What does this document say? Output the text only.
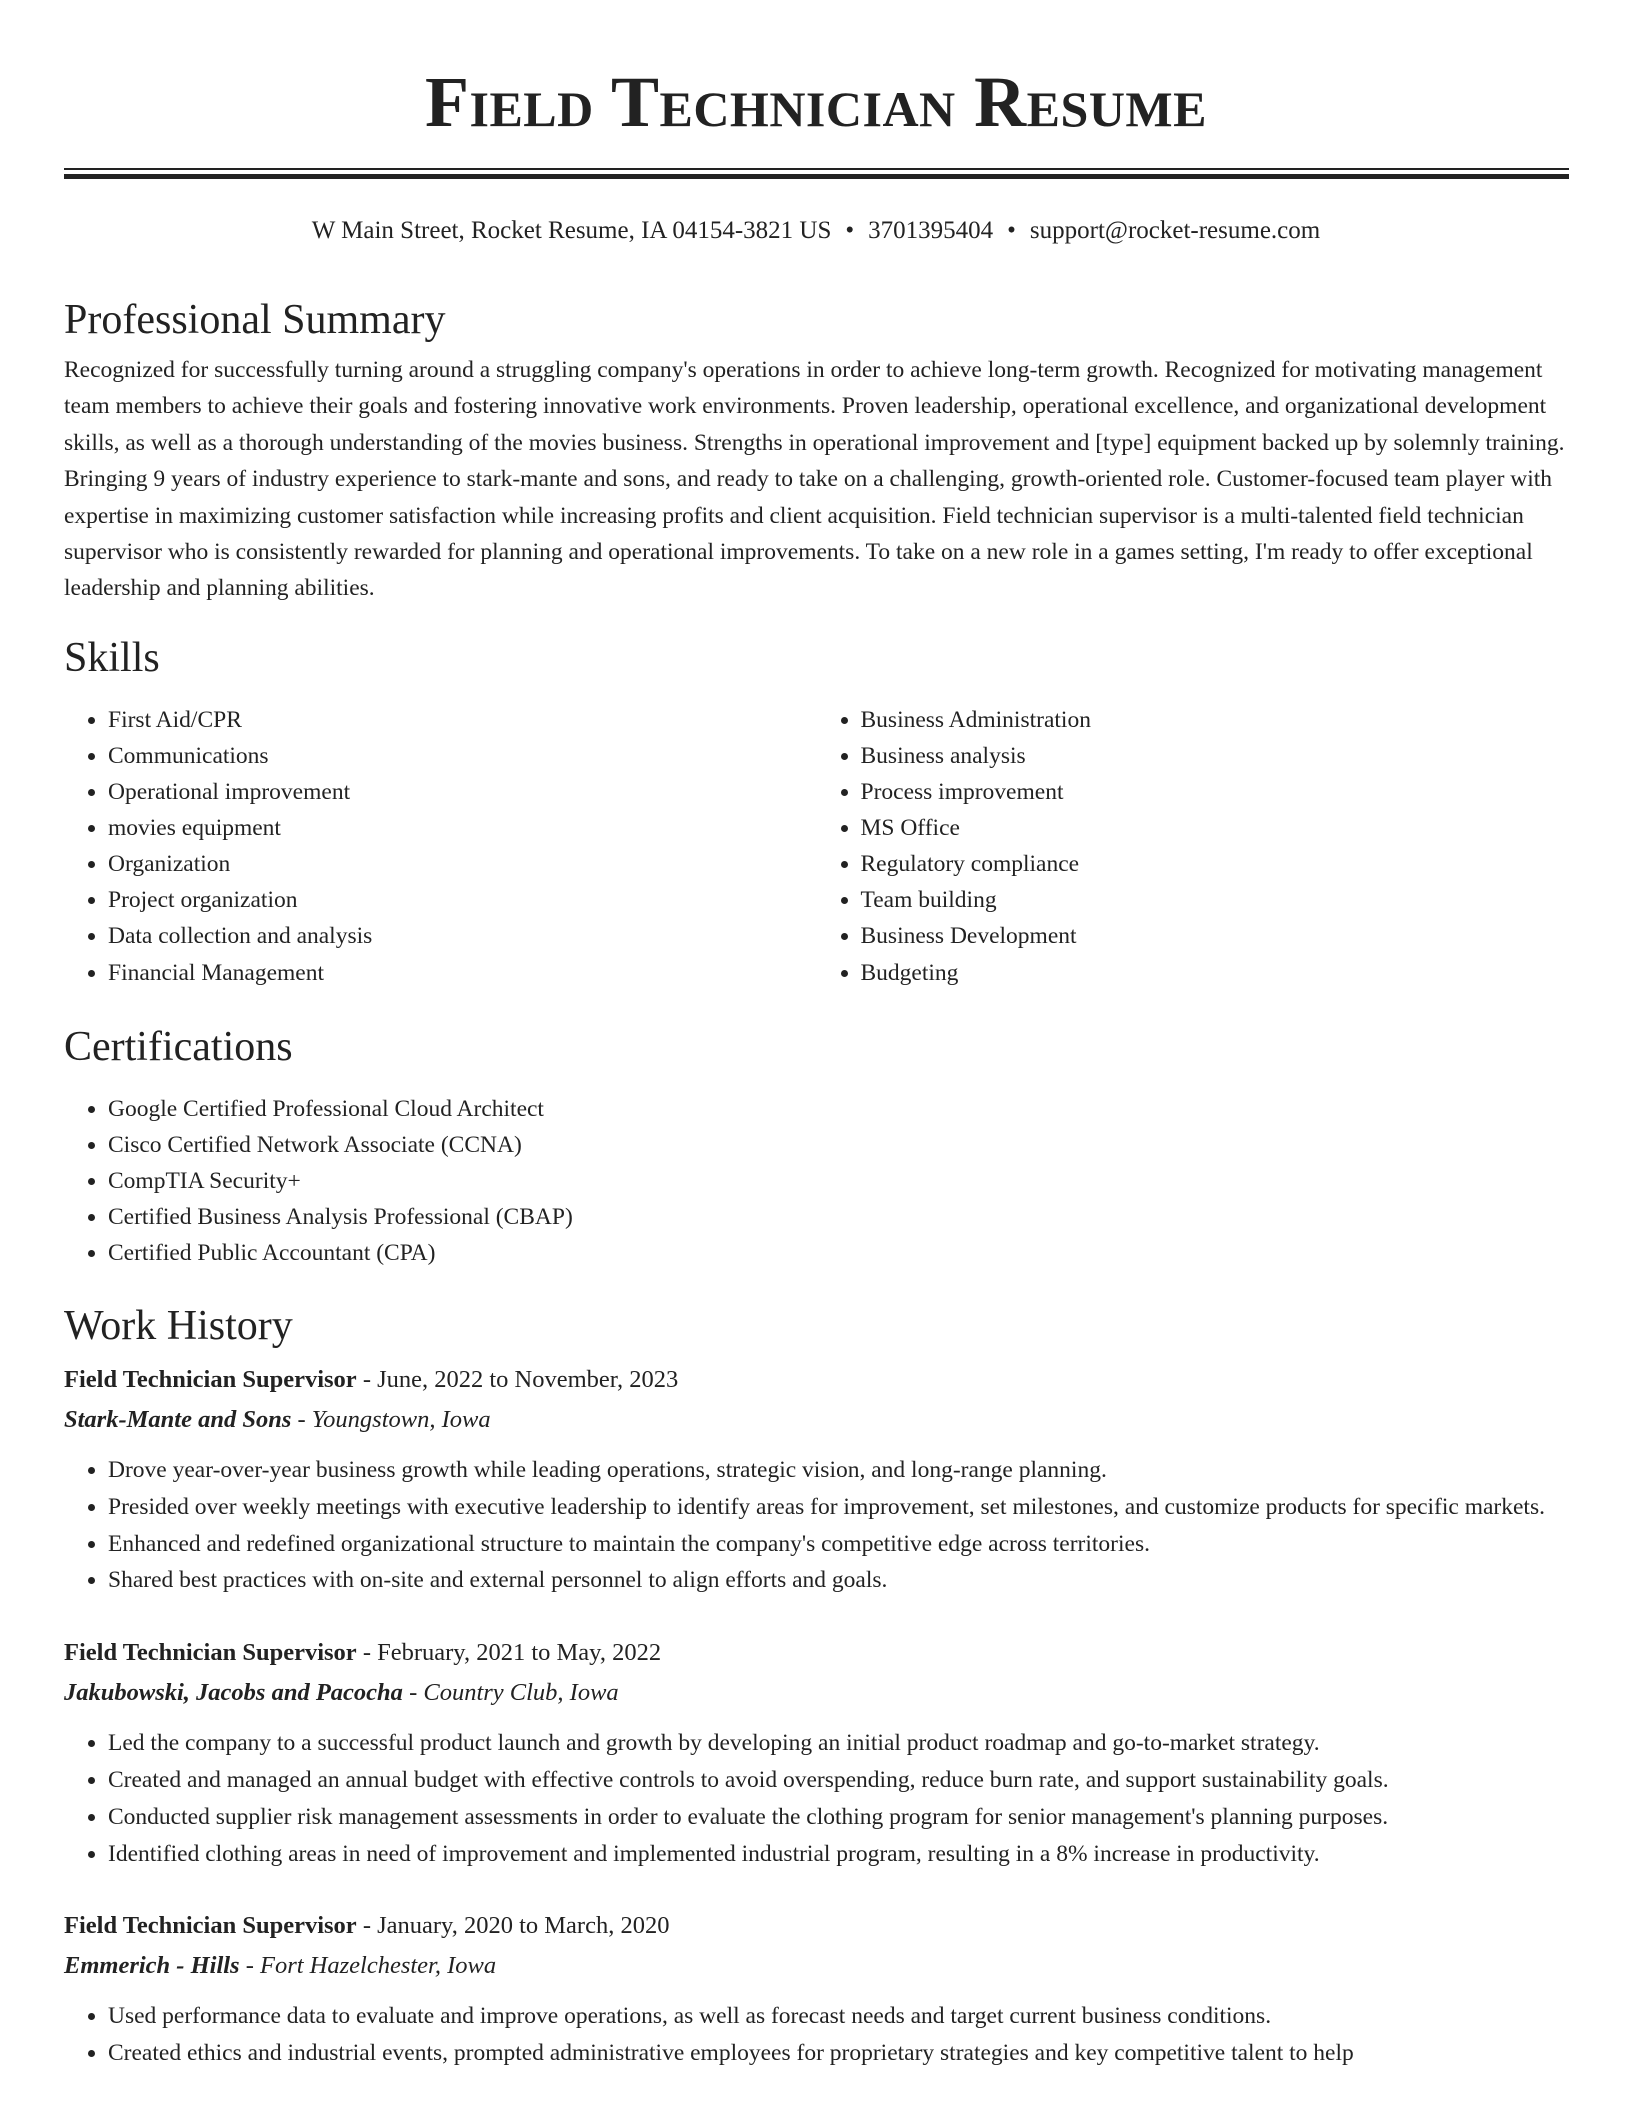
Field Technician Resume
W Main Street, Rocket Resume, IA 04154-3821 US • 3701395404 • support@rocket-resume.com
Professional Summary

Recognized for successfully turning around a struggling company's operations in order to achieve long-term growth. Recognized for motivating management team members to achieve their goals and fostering innovative work environments. Proven leadership, operational excellence, and organizational development skills, as well as a thorough understanding of the movies business. Strengths in operational improvement and [type] equipment backed up by solemnly training. Bringing 9 years of industry experience to stark-mante and sons, and ready to take on a challenging, growth-oriented role. Customer-focused team player with expertise in maximizing customer satisfaction while increasing profits and client acquisition. Field technician supervisor is a multi-talented field technician supervisor who is consistently rewarded for planning and operational improvements. To take on a new role in a games setting, I'm ready to offer exceptional leadership and planning abilities.

Skills
• First Aid/CPR
• Communications
• Operational improvement
• movies equipment
• Organization
• Project organization
• Data collection and analysis
• Financial Management
• Business Administration
• Business analysis
• Process improvement
• MS Office
• Regulatory compliance
• Team building
• Business Development
• Budgeting
Certifications
• Google Certified Professional Cloud Architect
• Cisco Certified Network Associate (CCNA)
• CompTIA Security+
• Certified Business Analysis Professional (CBAP)
• Certified Public Accountant (CPA)
Work History
Field Technician Supervisor - June, 2022 to November, 2023
Stark-Mante and Sons - Youngstown, Iowa
• Drove year-over-year business growth while leading operations, strategic vision, and long-range planning.
• Presided over weekly meetings with executive leadership to identify areas for improvement, set milestones, and customize products for specific markets.
• Enhanced and redefined organizational structure to maintain the company's competitive edge across territories.
• Shared best practices with on-site and external personnel to align efforts and goals.
Field Technician Supervisor - February, 2021 to May, 2022
Jakubowski, Jacobs and Pacocha - Country Club, Iowa
• Led the company to a successful product launch and growth by developing an initial product roadmap and go-to-market strategy.
• Created and managed an annual budget with effective controls to avoid overspending, reduce burn rate, and support sustainability goals.
• Conducted supplier risk management assessments in order to evaluate the clothing program for senior management's planning purposes.
• Identified clothing areas in need of improvement and implemented industrial program, resulting in a 8% increase in productivity.
Field Technician Supervisor - January, 2020 to March, 2020
Emmerich - Hills - Fort Hazelchester, Iowa
• Used performance data to evaluate and improve operations, as well as forecast needs and target current business conditions.
• Created ethics and industrial events, prompted administrative employees for proprietary strategies and key competitive talent to help
